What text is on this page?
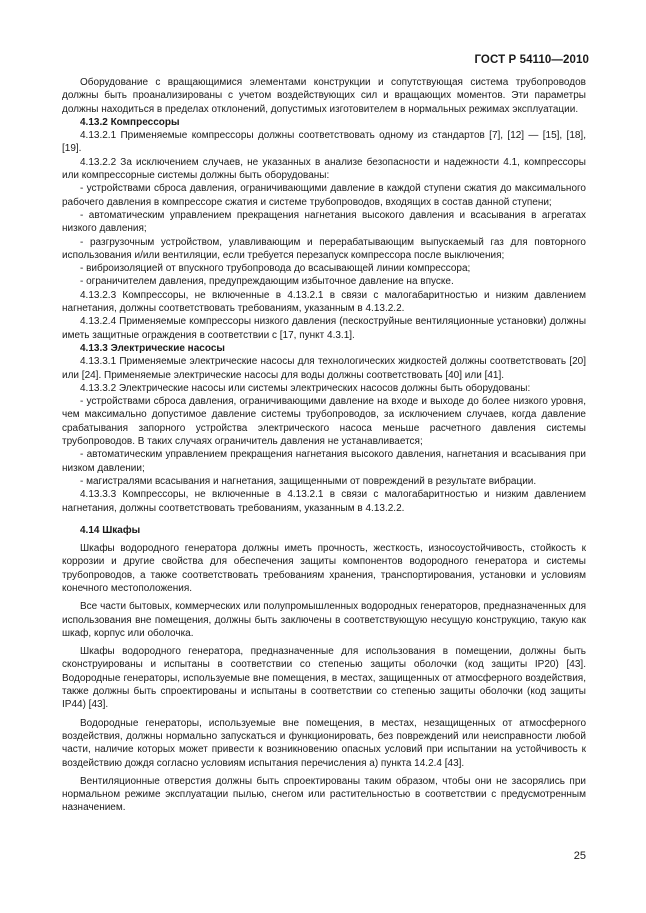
ГОСТ Р 54110—2010

Оборудование с вращающимися элементами конструкции и сопутствующая система трубопроводов должны быть проанализированы с учетом воздействующих сил и вращающих моментов. Эти параметры должны находиться в пределах отклонений, допустимых изготовителем в нормальных режимах эксплуатации.

4.13.2 Компрессоры

4.13.2.1 Применяемые компрессоры должны соответствовать одному из стандартов [7], [12] — [15], [18], [19].

4.13.2.2 За исключением случаев, не указанных в анализе безопасности и надежности 4.1, компрессоры или компрессорные системы должны быть оборудованы:

- устройствами сброса давления, ограничивающими давление в каждой ступени сжатия до максимального рабочего давления в компрессоре сжатия и системе трубопроводов, входящих в состав данной ступени;

- автоматическим управлением прекращения нагнетания высокого давления и всасывания в агрегатах низкого давления;

- разгрузочным устройством, улавливающим и перерабатывающим выпускаемый газ для повторного использования и/или вентиляции, если требуется перезапуск компрессора после выключения;

- виброизоляцией от впускного трубопровода до всасывающей линии компрессора;

- ограничителем давления, предупреждающим избыточное давление на впуске.

4.13.2.3 Компрессоры, не включенные в 4.13.2.1 в связи с малогабаритностью и низким давлением нагнетания, должны соответствовать требованиям, указанным в 4.13.2.2.

4.13.2.4 Применяемые компрессоры низкого давления (пескоструйные вентиляционные установки) должны иметь защитные ограждения в соответствии с [17, пункт 4.3.1].

4.13.3 Электрические насосы

4.13.3.1 Применяемые электрические насосы для технологических жидкостей должны соответствовать [20] или [24]. Применяемые электрические насосы для воды должны соответствовать [40] или [41].

4.13.3.2 Электрические насосы или системы электрических насосов должны быть оборудованы:

- устройствами сброса давления, ограничивающими давление на входе и выходе до более низкого уровня, чем максимально допустимое давление системы трубопроводов, за исключением случаев, когда давление срабатывания запорного устройства электрического насоса меньше расчетного давления системы трубопроводов. В таких случаях ограничитель давления не устанавливается;

- автоматическим управлением прекращения нагнетания высокого давления, нагнетания и всасывания при низком давлении;

- магистралями всасывания и нагнетания, защищенными от повреждений в результате вибрации.

4.13.3.3 Компрессоры, не включенные в 4.13.2.1 в связи с малогабаритностью и низким давлением нагнетания, должны соответствовать требованиям, указанным в 4.13.2.2.

4.14 Шкафы

Шкафы водородного генератора должны иметь прочность, жесткость, износоустойчивость, стойкость к коррозии и другие свойства для обеспечения защиты компонентов водородного генератора и системы трубопроводов, а также соответствовать требованиям хранения, транспортирования, установки и условиям конечного местоположения.

Все части бытовых, коммерческих или полупромышленных водородных генераторов, предназначенных для использования вне помещения, должны быть заключены в соответствующую несущую конструкцию, такую как шкаф, корпус или оболочка.

Шкафы водородного генератора, предназначенные для использования в помещении, должны быть сконструированы и испытаны в соответствии со степенью защиты оболочки (код защиты IP20) [43]. Водородные генераторы, используемые вне помещения, в местах, защищенных от атмосферного воздействия, также должны быть спроектированы и испытаны в соответствии со степенью защиты оболочки (код защиты IP44) [43].

Водородные генераторы, используемые вне помещения, в местах, незащищенных от атмосферного воздействия, должны нормально запускаться и функционировать, без повреждений или неисправности любой части, наличие которых может привести к возникновению опасных условий при испытании на устойчивость к воздействию дождя согласно условиям испытания перечисления а) пункта 14.2.4 [43].

Вентиляционные отверстия должны быть спроектированы таким образом, чтобы они не засорялись при нормальном режиме эксплуатации пылью, снегом или растительностью в соответствии с предусмотренным назначением.

25
